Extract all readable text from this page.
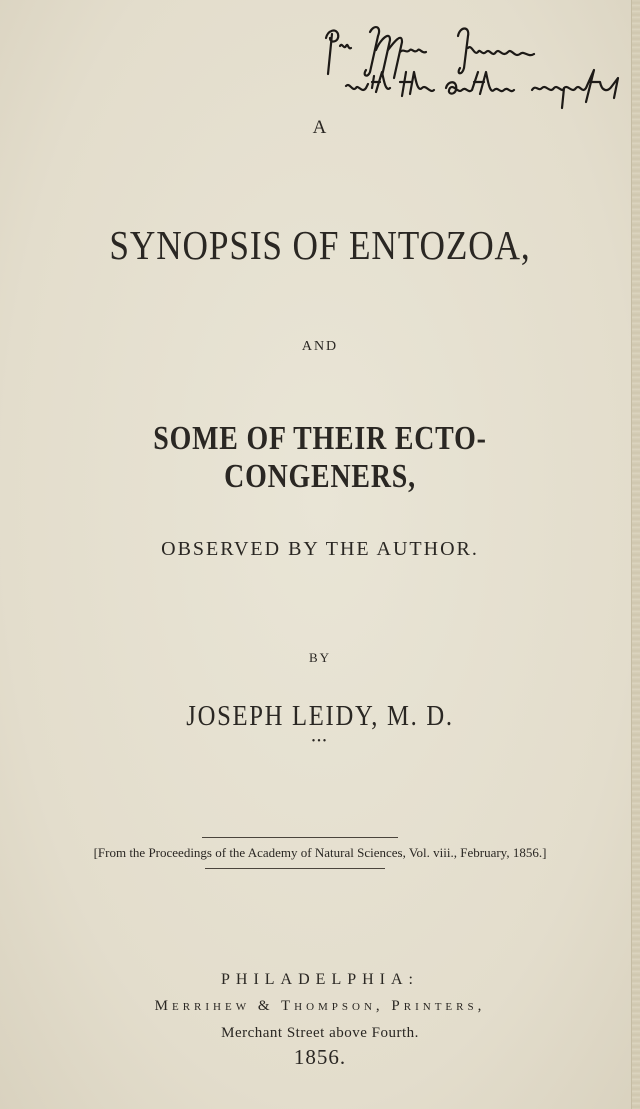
A
SYNOPSIS OF ENTOZOA,
AND
SOME OF THEIR ECTO-CONGENERS,
OBSERVED BY THE AUTHOR.
BY
JOSEPH LEIDY, M. D.
•••
[From the Proceedings of the Academy of Natural Sciences, Vol. viii., February, 1856.]
PHILADELPHIA:
Merrihew & Thompson, Printers,
Merchant Street above Fourth.
1856.
